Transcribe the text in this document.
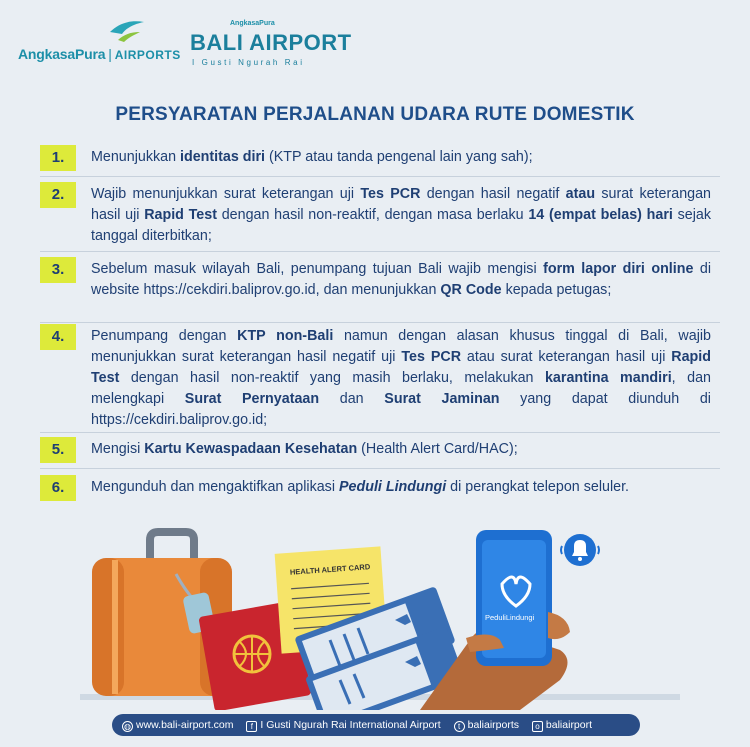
AngkasaPura | AIRPORTS
AngkasaPura
BALI AIRPORT
I Gusti Ngurah Rai
PERSYARATAN PERJALANAN UDARA RUTE DOMESTIK
1.	Menunjukkan identitas diri (KTP atau tanda pengenal lain yang sah);
2.	Wajib menunjukkan surat keterangan uji Tes PCR dengan hasil negatif atau surat keterangan hasil uji Rapid Test dengan hasil non-reaktif, dengan masa berlaku 14 (empat belas) hari sejak tanggal diterbitkan;
3.	Sebelum masuk wilayah Bali, penumpang tujuan Bali wajib mengisi form lapor diri online di website https://cekdiri.baliprov.go.id, dan menunjukkan QR Code kepada petugas;
4.	Penumpang dengan KTP non-Bali namun dengan alasan khusus tinggal di Bali, wajib menunjukkan surat keterangan hasil negatif uji Tes PCR atau surat keterangan hasil uji Rapid Test dengan hasil non-reaktif yang masih berlaku, melakukan karantina mandiri, dan melengkapi Surat Pernyataan dan Surat Jaminan yang dapat diunduh di https://cekdiri.baliprov.go.id;
5.	Mengisi Kartu Kewaspadaan Kesehatan (Health Alert Card/HAC);
6.	Mengunduh dan mengaktifkan aplikasi Peduli Lindungi di perangkat telepon seluler.
HEALTH ALERT CARD
PeduliLindungi
◍ www.bali-airport.com f I Gusti Ngurah Rai International Airport t baliairports o baliairport
